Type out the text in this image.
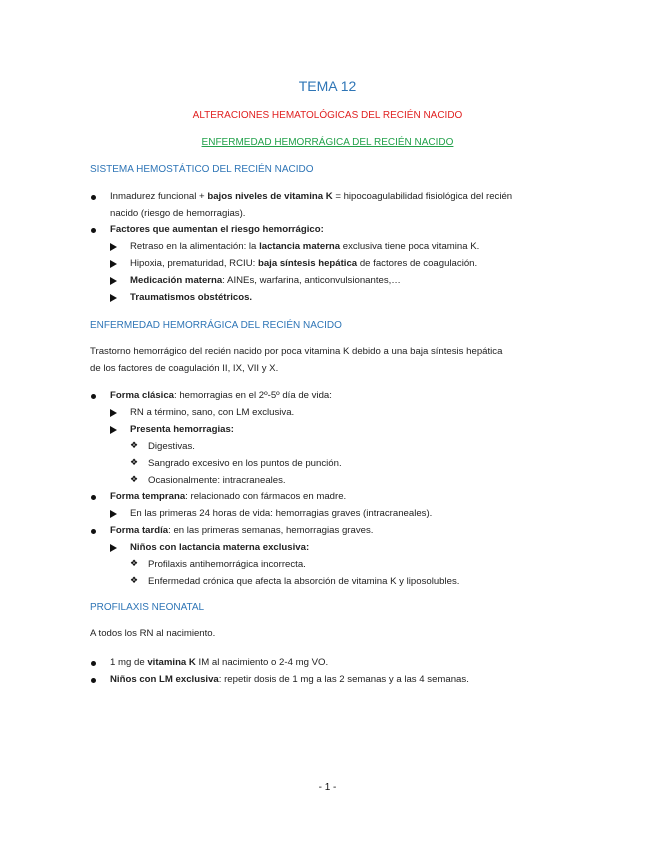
TEMA 12
ALTERACIONES HEMATOLÓGICAS DEL RECIÉN NACIDO
ENFERMEDAD HEMORRÁGICA DEL RECIÉN NACIDO
SISTEMA HEMOSTÁTICO DEL RECIÉN NACIDO
Inmadurez funcional + bajos niveles de vitamina K = hipocoagulabilidad fisiológica del recién
nacido (riesgo de hemorragias).
Factores que aumentan el riesgo hemorrágico:
Retraso en la alimentación: la lactancia materna exclusiva tiene poca vitamina K.
Hipoxia, prematuridad, RCIU: baja síntesis hepática de factores de coagulación.
Medicación materna: AINEs, warfarina, anticonvulsionantes,…
Traumatismos obstétricos.
ENFERMEDAD HEMORRÁGICA DEL RECIÉN NACIDO
Trastorno hemorrágico del recién nacido por poca vitamina K debido a una baja síntesis hepática
de los factores de coagulación II, IX, VII y X.
Forma clásica: hemorragias en el 2º-5º día de vida:
RN a término, sano, con LM exclusiva.
Presenta hemorragias:
❖ Digestivas.
❖ Sangrado excesivo en los puntos de punción.
❖ Ocasionalmente: intracraneales.
Forma temprana: relacionado con fármacos en madre.
En las primeras 24 horas de vida: hemorragias graves (intracraneales).
Forma tardía: en las primeras semanas, hemorragias graves.
Niños con lactancia materna exclusiva:
❖ Profilaxis antihemorrágica incorrecta.
❖ Enfermedad crónica que afecta la absorción de vitamina K y liposolubles.
PROFILAXIS NEONATAL
A todos los RN al nacimiento.
1 mg de vitamina K IM al nacimiento o 2-4 mg VO.
Niños con LM exclusiva: repetir dosis de 1 mg a las 2 semanas y a las 4 semanas.
- 1 -
